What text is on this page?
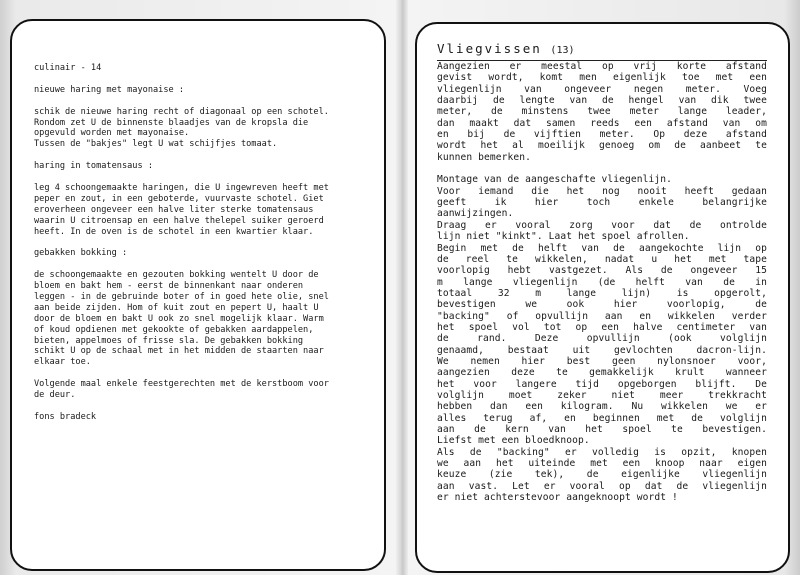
culinair - 14
nieuwe haring met mayonaise :
schik de nieuwe haring recht of diagonaal op een schotel.
Rondom zet U de binnenste blaadjes van de kropsla die
opgevuld worden met mayonaise.
Tussen de "bakjes" legt U wat schijfjes tomaat.
haring in tomatensaus :
leg 4 schoongemaakte haringen, die U ingewreven heeft met
peper en zout, in een geboterde, vuurvaste schotel. Giet
eroverheen ongeveer een halve liter sterke tomatensaus
waarin U citroensap en een halve thelepel suiker geroerd
heeft. In de oven is de schotel in een kwartier klaar.
gebakken bokking :
de schoongemaakte en gezouten bokking wentelt U door de
bloem en bakt hem - eerst de binnenkant naar onderen
leggen - in de gebruinde boter of in goed hete olie, snel
aan beide zijden. Hom of kuit zout en pepert U, haalt U
door de bloem en bakt U ook zo snel mogelijk klaar. Warm
of koud opdienen met gekookte of gebakken aardappelen,
bieten, appelmoes of frisse sla. De gebakken bokking
schikt U op de schaal met in het midden de staarten naar
elkaar toe.
Volgende maal enkele feestgerechten met de kerstboom voor
de deur.
fons bradeck
Vliegvissen (13)
Aangezien er meestal op vrij korte afstand
gevist wordt, komt men eigenlijk toe met een
vliegenlijn van ongeveer negen meter. Voeg
daarbij de lengte van de hengel van dik twee
meter, de minstens twee meter lange leader,
dan maakt dat samen reeds een afstand van om
en bij de vijftien meter. Op deze afstand
wordt het al moeilijk genoeg om de aanbeet te
kunnen bemerken.
Montage van de aangeschafte vliegenlijn.
Voor iemand die het nog nooit heeft gedaan
geeft ik hier toch enkele belangrijke
aanwijzingen.
Draag er vooral zorg voor dat de ontrolde
lijn niet "kinkt". Laat het spoel afrollen.
Begin met de helft van de aangekochte lijn op
de reel te wikkelen, nadat u het met tape
voorlopig hebt vastgezet. Als de ongeveer 15
m lange vliegenlijn (de helft van de in
totaal 32 m lange lijn) is opgerolt,
bevestigen we ook hier voorlopig, de
"backing" of opvullijn aan en wikkelen verder
het spoel vol tot op een halve centimeter van
de rand. Deze opvullijn (ook volglijn
genaamd, bestaat uit gevlochten dacron-lijn.
We nemen hier best geen nylonsnoer voor,
aangezien deze te gemakkelijk krult wanneer
het voor langere tijd opgeborgen blijft. De
volglijn moet zeker niet meer trekkracht
hebben dan een kilogram. Nu wikkelen we er
alles terug af, en beginnen met de volglijn
aan de kern van het spoel te bevestigen.
Liefst met een bloedknoop.
Als de "backing" er volledig is opzit, knopen
we aan het uiteinde met een knoop naar eigen
keuze (zie tek), de eigenlijke vliegenlijn
aan vast. Let er vooral op dat de vliegenlijn
er niet achterstevoor aangeknoopt wordt !
